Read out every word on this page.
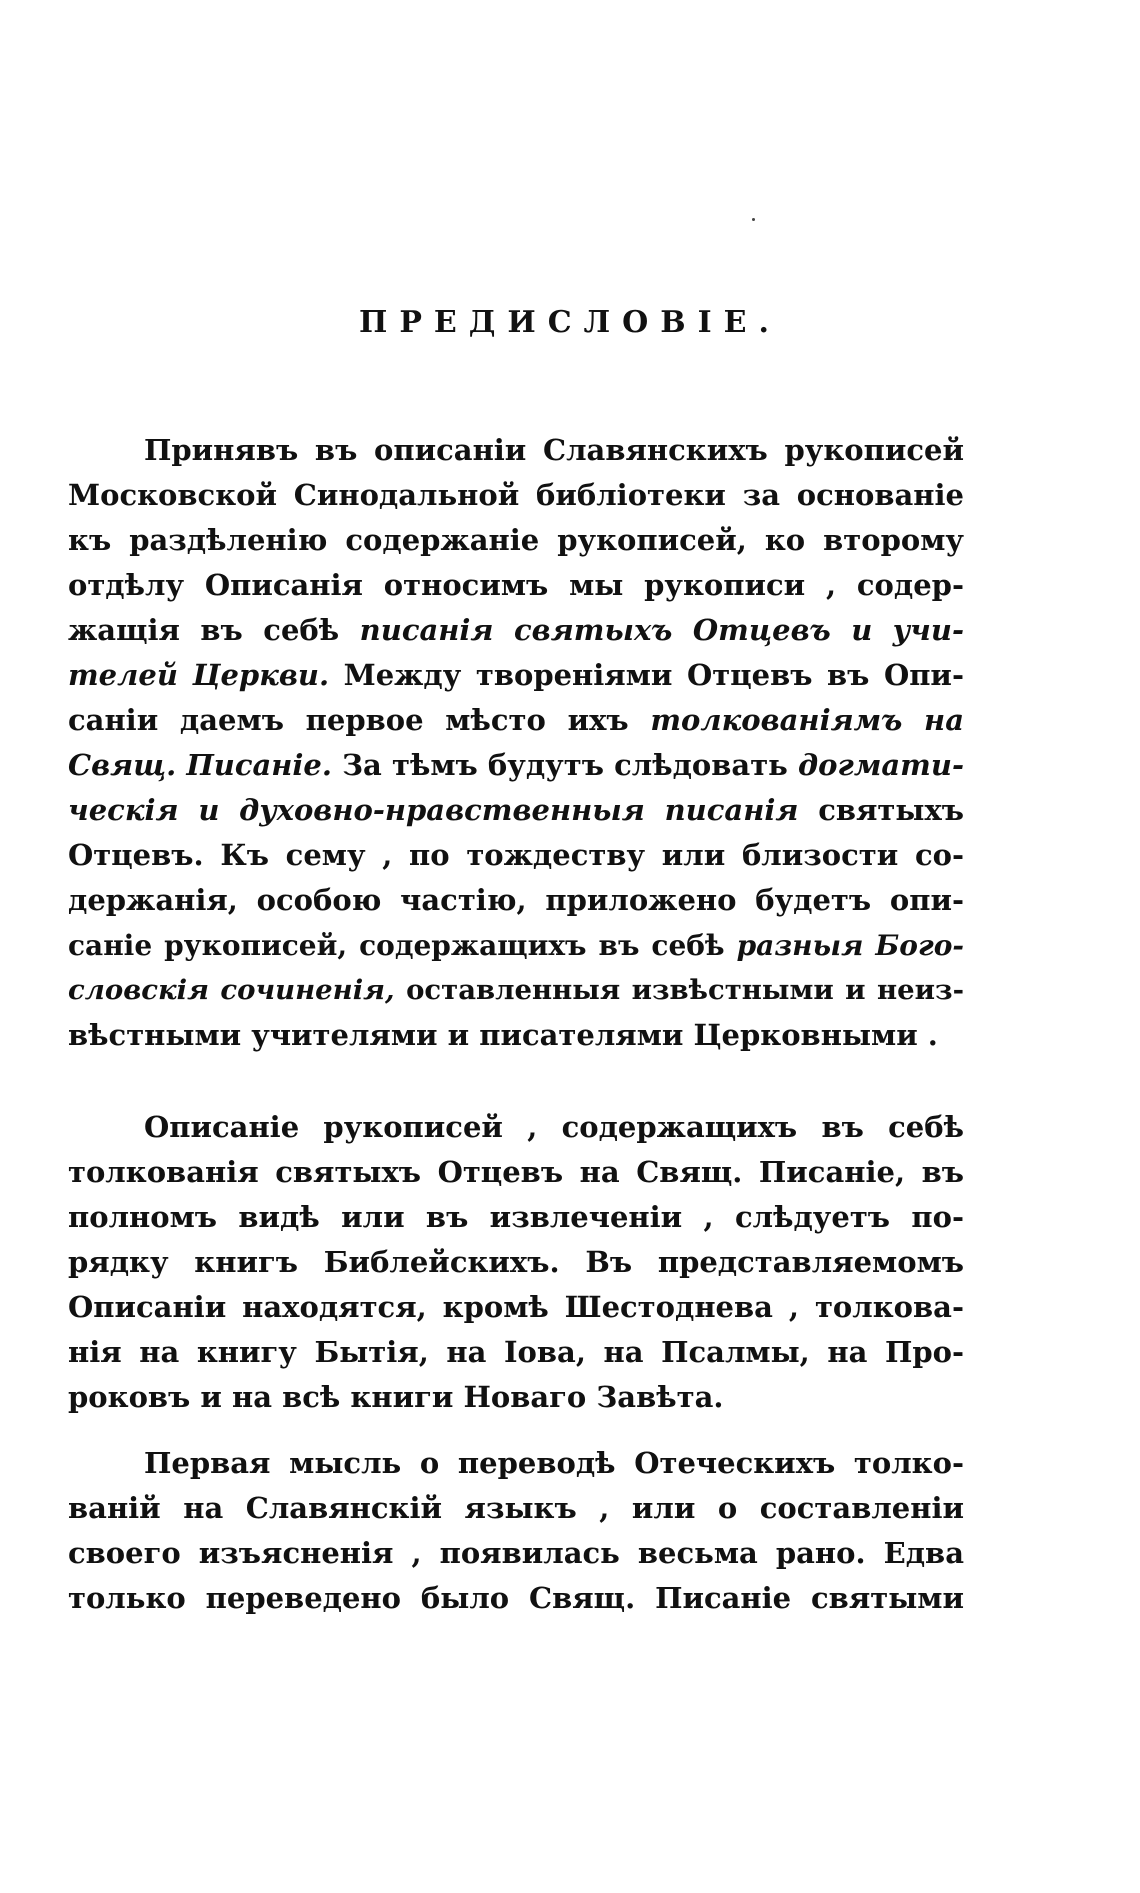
ПРЕДИСЛОВIЕ.
Принявъ въ описанiи Славянскихъ рукописей
Московской Синодальной библiотеки за основанiе
къ раздѣленiю содержанiе рукописей, ко второму
отдѣлу Описанiя относимъ мы рукописи , содер-
жащiя въ себѣ писанiя святыхъ Отцевъ и учи-
телей Церкви. Между творенiями Отцевъ въ Опи-
санiи даемъ первое мѣсто ихъ толкованiямъ на
Свящ. Писанiе. За тѣмъ будутъ слѣдовать догмати-
ческiя и духовно-нравственныя писанiя святыхъ
Отцевъ. Къ сему , по тождеству или близости со-
держанiя, особою частiю, приложено будетъ опи-
санiе рукописей, содержащихъ въ себѣ разныя Бого-
словскiя сочиненiя, оставленныя извѣстными и неиз-
вѣстными учителями и писателями Церковными .
Описанiе рукописей , содержащихъ въ себѣ
толкованiя святыхъ Отцевъ на Свящ. Писанiе, въ
полномъ видѣ или въ извлеченiи , слѣдуетъ по-
рядку книгъ Библейскихъ. Въ представляемомъ
Описанiи находятся, кромѣ Шестоднева , толкова-
нiя на книгу Бытiя, на Iова, на Псалмы, на Про-
роковъ и на всѣ книги Новаго Завѣта.
Первая мысль о переводѣ Отеческихъ толко-
ванiй на Славянскiй языкъ , или о составленiи
своего изъясненiя , появилась весьма рано. Едва
только переведено было Свящ. Писанiе святыми
